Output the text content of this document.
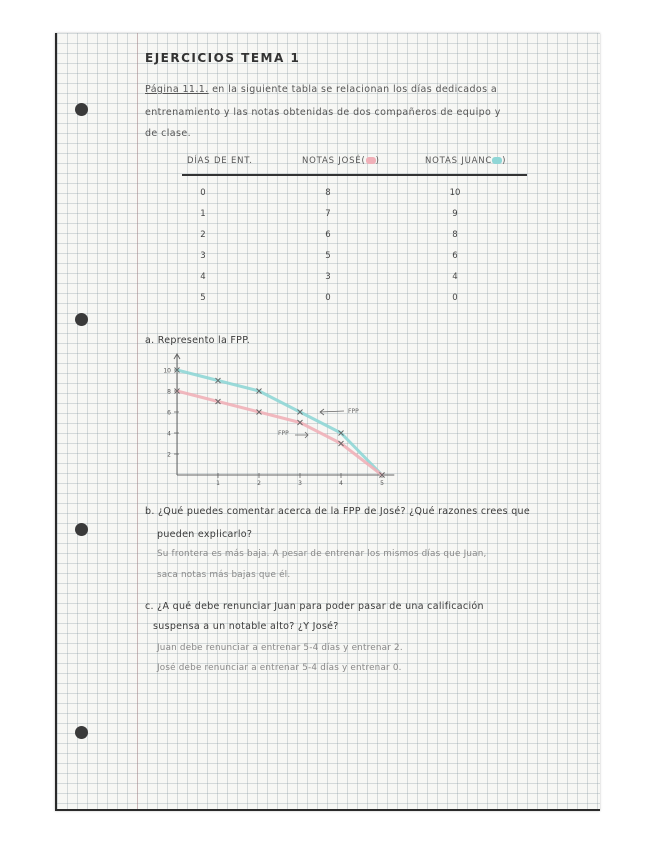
EJERCICIOS TEMA 1
Página 11.1. en la siguiente tabla se relacionan los días dedicados a
entrenamiento y las notas obtenidas de dos compañeros de equipo y
de clase.
DÍAS DE ENT.	NOTAS JOSÉ( )	NOTAS JUANC )
0	8	10
1	7	9
2	6	8
3	5	6
4	3	4
5	0	0
a. Represento la FPP.
2
4
6
8
10
1	2	3	4	5
FPP
FPP
b. ¿Qué puedes comentar acerca de la FPP de José? ¿Qué razones crees que
pueden explicarlo?
Su frontera es más baja. A pesar de entrenar los mismos días que Juan,
saca notas más bajas que él.
c. ¿A qué debe renunciar Juan para poder pasar de una calificación
suspensa a un notable alto? ¿Y José?
Juan debe renunciar a entrenar 5-4 días y entrenar 2.
José debe renunciar a entrenar 5-4 días y entrenar 0.
